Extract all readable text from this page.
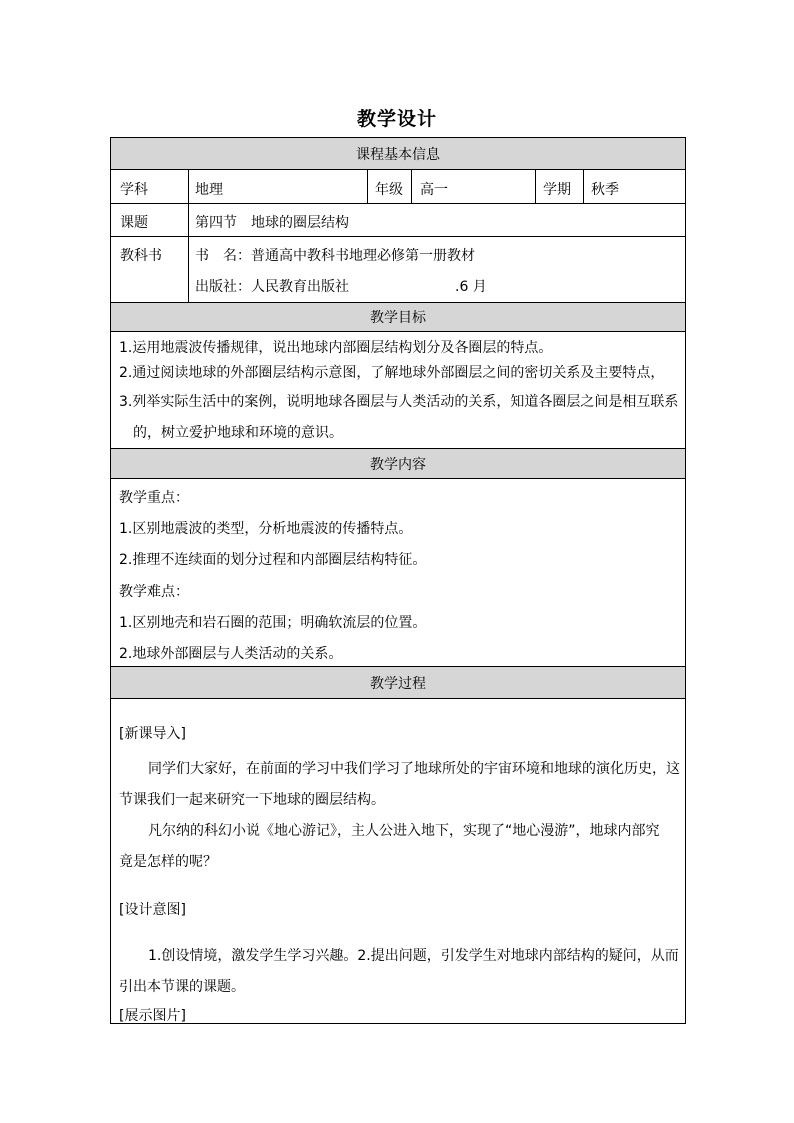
教学设计
课程基本信息
学科	地理	年级 高一	学期 秋季
课题	第四节　地球的圈层结构
教科书 书　名：普通高中教科书地理必修第一册教材
出版社：人民教育出版社	.6 月
教学目标
1.运用地震波传播规律，说出地球内部圈层结构划分及各圈层的特点。
2.通过阅读地球的外部圈层结构示意图，了解地球外部圈层之间的密切关系及主要特点，
3.列举实际生活中的案例，说明地球各圈层与人类活动的关系，知道各圈层之间是相互联系
的，树立爱护地球和环境的意识。
教学内容
教学重点：
1.区别地震波的类型，分析地震波的传播特点。
2.推理不连续面的划分过程和内部圈层结构特征。
教学难点：
1.区别地壳和岩石圈的范围；明确软流层的位置。
2.地球外部圈层与人类活动的关系。
教学过程
[新课导入]
同学们大家好，在前面的学习中我们学习了地球所处的宇宙环境和地球的演化历史，这
节课我们一起来研究一下地球的圈层结构。
凡尔纳的科幻小说《地心游记》，主人公进入地下，实现了“地心漫游”，地球内部究
竟是怎样的呢？
[设计意图]
1.创设情境，激发学生学习兴趣。2.提出问题，引发学生对地球内部结构的疑问，从而
引出本节课的课题。
[展示图片]
